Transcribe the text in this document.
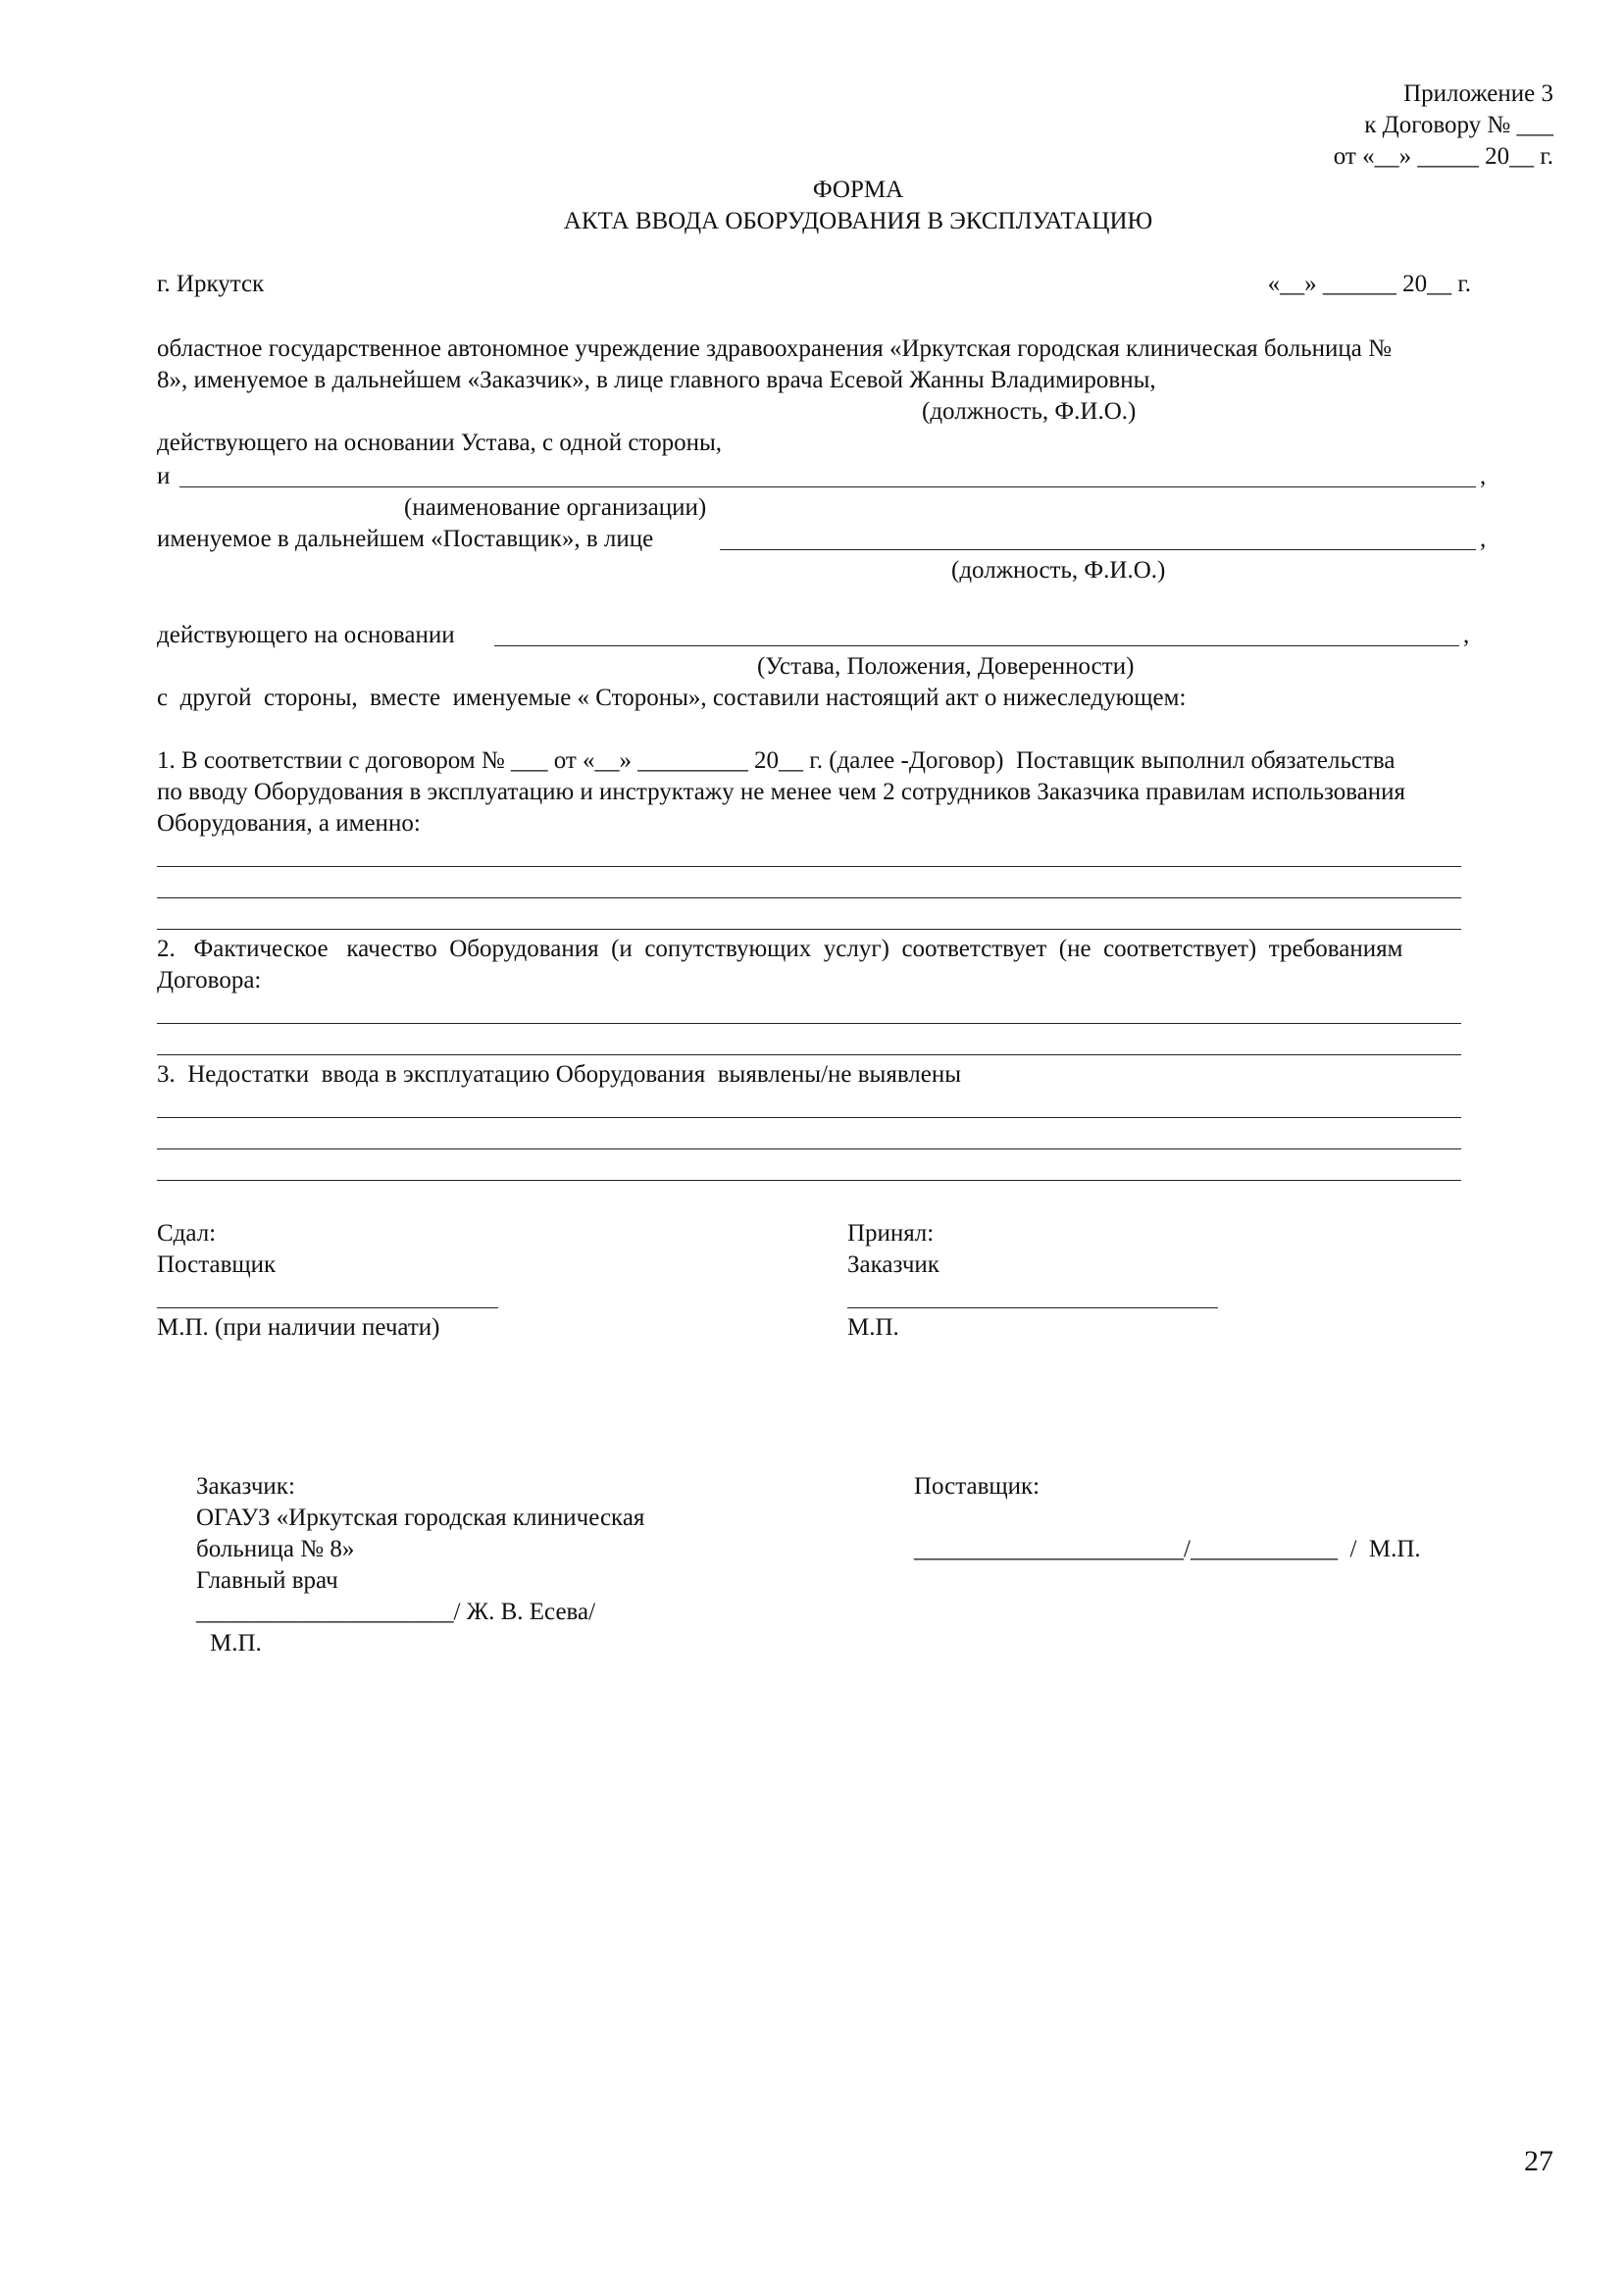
Приложение 3
к Договору № ___
от «__» _____ 20__ г.
ФОРМА
АКТА ВВОДА ОБОРУДОВАНИЯ В ЭКСПЛУАТАЦИЮ
г. Иркутск	«__» ______ 20__ г.
областное государственное автономное учреждение здравоохранения «Иркутская городская клиническая больница №
8», именуемое в дальнейшем «Заказчик», в лице главного врача Есевой Жанны Владимировны,
(должность, Ф.И.О.)
действующего на основании Устава, с одной стороны,
и	,
(наименование организации)
именуемое в дальнейшем «Поставщик», в лице	,
(должность, Ф.И.О.)
действующего на основании	,
(Устава, Положения, Доверенности)
с  другой  стороны,  вместе  именуемые « Стороны», составили настоящий акт о нижеследующем:
1. В соответствии с договором № ___ от «__» _________ 20__ г. (далее -Договор)  Поставщик выполнил обязательства
по вводу Оборудования в эксплуатацию и инструктажу не менее чем 2 сотрудников Заказчика правилам использования
Оборудования, а именно:
2.   Фактическое   качество  Оборудования  (и  сопутствующих  услуг)  соответствует  (не  соответствует)  требованиям
Договора:
3.  Недостатки  ввода в эксплуатацию Оборудования  выявлены/не выявлены
Сдал:
Поставщик
М.П. (при наличии печати)
Принял:
Заказчик
М.П.
Заказчик:
ОГАУЗ «Иркутская городская клиническая
больница № 8»
Главный врач
_____________________/ Ж. В. Есева/
М.П.
Поставщик:
______________________/____________  /  М.П.
27
